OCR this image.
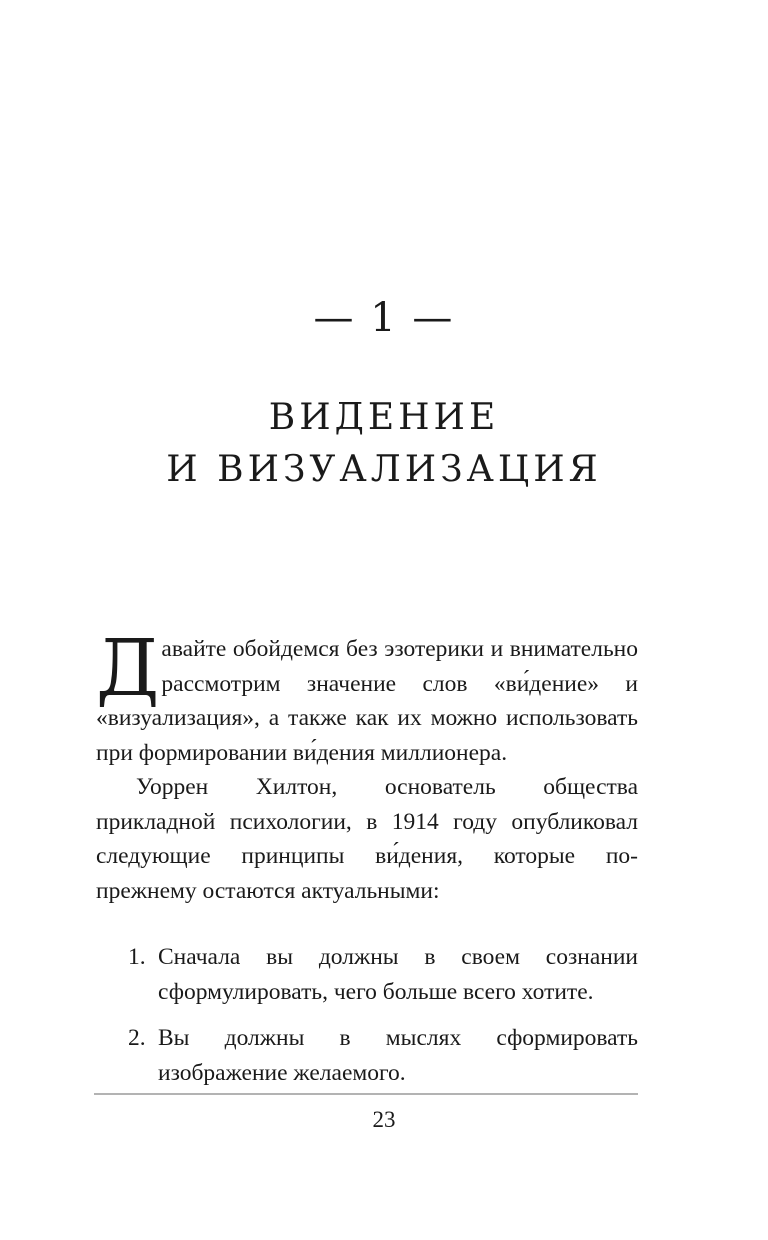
— 1 —
ВИДЕНИЕ
И ВИЗУАЛИЗАЦИЯ

Давайте обойдемся без эзотерики и внимательно рассмотрим значение слов «ви́дение» и «визуализация», а также как их можно использовать при формировании ви́дения миллионера.

Уоррен Хилтон, основатель общества прикладной психологии, в 1914 году опубликовал следующие принципы ви́дения, которые по-прежнему остаются актуальными:

1. Сначала вы должны в своем сознании сформулировать, чего больше всего хотите.
2. Вы должны в мыслях сформировать изображение желаемого.
23
